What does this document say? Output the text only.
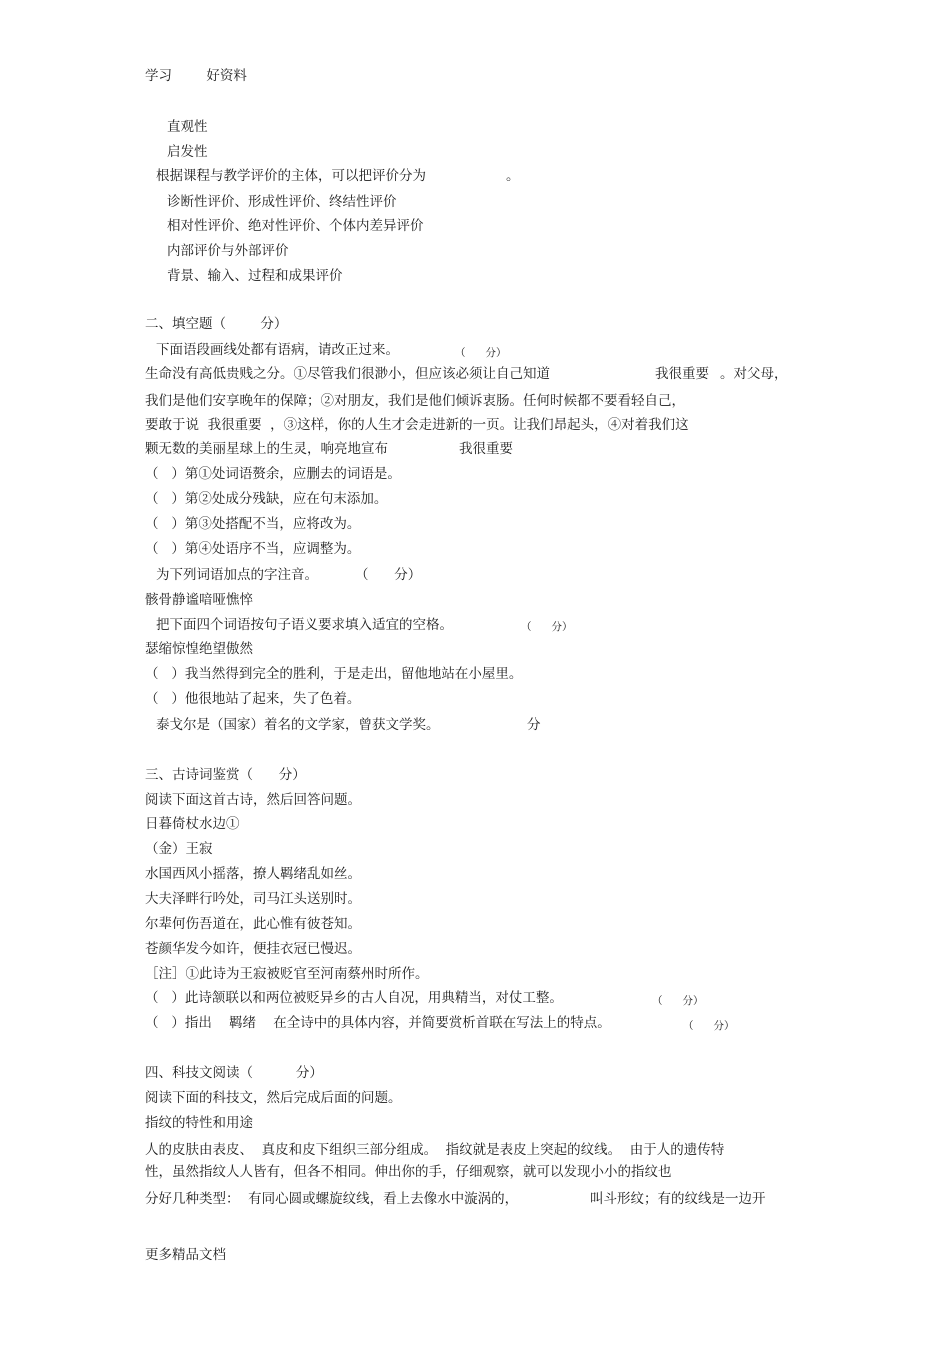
学习        好资料
直观性
启发性
根据课程与教学评价的主体，可以把评价分为	。
诊断性评价、形成性评价、终结性评价
相对性评价、绝对性评价、个体内差异评价
内部评价与外部评价
背景、输入、过程和成果评价
二、填空题（        分）
下面语段画线处都有语病，请改正过来。	（      分）
生命没有高低贵贱之分。①尽管我们很渺小，但应该必须让自己知道	我很重要 。对父母，
我们是他们安享晚年的保障；②对朋友，我们是他们倾诉衷肠。任何时候都不要看轻自己，
要敢于说  我很重要  ，③这样，你的人生才会走进新的一页。让我们昂起头，④对着我们这
颗无数的美丽星球上的生灵，响亮地宣布	我很重要
（   ）第①处词语赘余，应删去的词语是。
（   ）第②处成分残缺，应在句末添加。
（   ）第③处搭配不当，应将改为。
（   ）第④处语序不当，应调整为。
为下列词语加点的字注音。	（      分）
骸骨静谧喑哑憔悴
把下面四个词语按句子语义要求填入适宜的空格。	（      分）
瑟缩惊惶绝望傲然
（   ）我当然得到完全的胜利，于是走出，留他地站在小屋里。
（   ）他很地站了起来，失了色着。
泰戈尔是（国家）着名的文学家，曾获文学奖。	分
三、古诗词鉴赏（      分）
阅读下面这首古诗，然后回答问题。
日暮倚杖水边①
（金）王寂
水国西风小摇落，撩人羁绪乱如丝。
大夫泽畔行吟处，司马江头送别时。
尔辈何伤吾道在，此心惟有彼苍知。
苍颜华发今如许，便挂衣冠已慢迟。
［注］①此诗为王寂被贬官至河南蔡州时所作。
（   ）此诗颔联以和两位被贬异乡的古人自况，用典精当，对仗工整。	（      分）
（   ）指出    羁绪    在全诗中的具体内容，并简要赏析首联在写法上的特点。	（      分）
四、科技文阅读（          分）
阅读下面的科技文，然后完成后面的问题。
指纹的特性和用途
人的皮肤由表皮、  真皮和皮下组织三部分组成。  指纹就是表皮上突起的纹线。  由于人的遗传特
性，虽然指纹人人皆有，但各不相同。伸出你的手，仔细观察，就可以发现小小的指纹也
分好几种类型：  有同心圆或螺旋纹线，看上去像水中漩涡的，	叫斗形纹；有的纹线是一边开
更多精品文档
